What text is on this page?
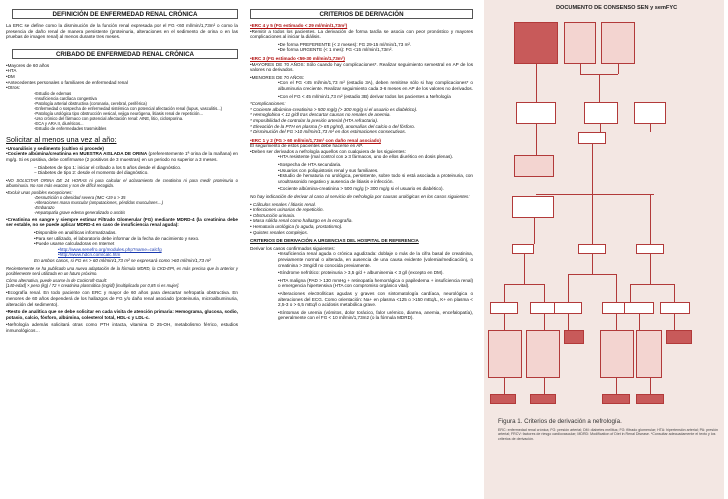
DEFINICIÓN DE ENFERMEDAD RENAL CRÓNICA
La ERC se define como la disminución de la función renal expresada por el FG <60 ml/min/1,73m² o como la presencia de daño renal de manera persistente (proteinuria, alteraciones en el sedimento de orina o en las pruebas de imagen renal) al menos durante tres meses.
CRIBADO DE ENFERMEDAD RENAL CRÓNICA
•Mayores de 60 años
•HTA
•DM
•Antecedentes personales o familiares de enfermedad renal
•Otros:
-Estudio de edemas
-Insuficiencia cardíaca congestiva
-Patología arterial obstructiva (coronaria, cerebral, periférica)
-Enfermedad o sospecha de enfermedad sistémica con potencial afectación renal (lupus, vasculitis...)
-Patología urológica tipo obstrucción vesical, vejiga neurógena, litiasis renal de repetición...
-Uso crónico del fármaco con potencial afectación renal: AINE, litio, ciclosporina.
-ECA y ARA II, diuréticos...
-Estudio de enfermedades trasmisibles
Solicitar al menos una vez al año:
•Uroanálisis y sedimento (cultivo si procede)
•Cociente albúmina/creatinina en MUESTRA AISLADA DE ORINA (preferentemente 1ª orina de la mañana) en mg/g. Si es positiva, debe confirmarse (2 positivos de 3 muestras) en un periodo no superior a 3 meses.
− Diabetes de tipo 1: iniciar el cribado a los 5 años desde el diagnóstico.
− Diabetes de tipo 2: desde el momento del diagnóstico.
•NO SOLICITAR ORINA DE 24 HORAS ni para calcular el aclaramiento de creatinina ni para medir proteinuria o albuminuria. No son más exactas y son de difícil recogida.
•Excluir unas posibles excepciones:
-Desnutrición o obesidad severa (IMC <19 o > 35
-Alteraciones masa muscular (amputaciones, pérdidas musculares…)
-Embarazo
-Hepatopatía grave edema generalizado o ascitis
•Creatinina en sangre y siempre estimar Filtrado Glomerular (FG) mediante MDRD-4 (la creatinina debe ser estable, no se puede aplicar MDRD-4 en caso de insuficiencia renal aguda):
•Disponible en analíticas informatizadas.
•Para ser utilizado, el laboratorio debe informar de la fecha de nacimiento y sexo.
•Puede usarse calculadoras en Internet
•http://www.senefro.org/modules.php?name=calcfg
•http://www.hdcn.com/calc.htm
En ambos casos, si FG es > 60 ml/min/1,73 m² se expresará como >60 ml/min/1,73 m²
Recientemente se ha publicado una nueva adaptación de la fórmula MDRD, la CKD-EPI, es más precisa que la anterior y posiblemente será utilizada en un futuro próximo.
Cómo alternativa, puede usarse la de Cockcroft-Gault:
[140-edad] × peso (kg) / 72 × creatinina plasmática (mg/dl) [multiplicado por 0,85 si es mujer].
•Ecografía renal. En todo paciente con ERC y mayor de 60 años para descartar nefropatía obstructiva. En menores de 60 años dependerá de los hallazgos de FG y/o daño renal asociado (proteinuria, microalbuminuria, alteración del sedimento).
•Resto de analítica que se debe solicitar en cada visita de atención primaria: Hemograma, glucosa, sodio, potasio, calcio, fósforo, albúmina, colesterol total, HDL-c y LDL-c.
•Nefrología además solicitará otras como PTH intacta, vitamina D 25-OH, metabolismo férrico, estudios inmunológicos…
CRITERIOS DE DERIVACIÓN
•ERC 4 y 5 (FG estimado < 29 ml/min/1,73m²)
•Remitir a todos los pacientes. La derivación de forma tardía se asocia con peor pronóstico y mayores complicaciones al iniciar la diálisis.
•De forma PREFERENTE (< 2 meses): FG 29-15 ml/min/1,73 m².
•De forma URGENTE (< 1 mes): FG <15 ml/min/1,73m².
•ERC 3 (FG estimado <59-30 ml/min/1,73m²)
•MAYORES DE 70 AÑOS: Sólo cuando hay complicaciones*. Realizar seguimiento semestral en AP de los valores no derivados.
•MENORES DE 70 AÑOS:
•Con el FG <45 ml/min/1,73 m² (estadio 3A), deben remitirse sólo si hay complicaciones* o albuminuria creciente. Realizar seguimiento cada 3-6 meses en AP de los valores no derivados.
•Con el FG < 45 ml/min/1,73 m² (estadio 3B) derivar todos los pacientes a Nefrología
*Complicaciones:
* Cociente albúmina-creatinina > 500 mg/g (> 300 mg/g si el usuario es diabético).
* Hemoglobina < 11 g/dl tras descartar causas no renales de anemia.
* Imposibilidad de controlar la presión arterial (HTA refractaria).
* Elevación de la PTH en plasma (> 65 pg/ml), anomalías del calcio o del fósforo.
* Disminución del FG >10 ml/min/1,73 m² en dos estimaciones consecutivas.
•ERC 1 y 2 (FG > 60 ml/min/1,73m² con daño renal asociado)
El seguimiento de estos pacientes debe hacerse en AP.
•Deben ser derivados a nefrología aquellos con cualquiera de los siguientes:
•HTA resistente (mal control con ≥ 3 fármacos, uno de ellos diurético en dosis plenas).
•Sospecha de HTA secundaria.
•Usuarios con poliquistosis renal y sus familiares.
•Estudio de hematuria no urológica, persistente, sobre todo si está asociada a proteinuria, con uroultrasonido negativo y ausencia de litiasis e infección.
•Cociente albúmina-creatinina > 500 mg/g (> 300 mg/g si el usuario es diabético).
No hay indicación de derivar al caso al servicio de nefrología por causas urológicas en los casos siguientes:
• Cálculos renales / litiasis renal.
• Infecciones urinarias de repetición.
• Obstrucción urinaria.
• Masa sólida renal como hallazgo en la ecografía.
• Hematuria urológica (o aguda, prostatismo).
• Quistes renales complejos.
CRITERIOS DE DERIVACIÓN A URGENCIAS DEL HOSPITAL DE REFERENCIA
Derivar los casos confirmados siguientes:
•Insuficiencia renal aguda o crónica agudizada: doblaje o más de la cifra basal de creatinina, previamente normal o alterada, en ausencia de una causa evidente (volemia/medicación), o creatinina > 3mg/dl no conocida previamente.
•Síndrome nefrótico: proteinuria > 3,5 g/d + albuminemia < 3 g/l (excepto en DM).
•HTA maligna (PAD > 130 mmHg + retinopatía hemorrágica o papiledema + insuficiencia renal) o emergencia hipertensiva (HTA con compromiso orgánico vital).
•Alteraciones electrolíticas agudas y graves con sintomatología cardíaca, neurológica o alteraciones del ECG. Como orientación: Na+ en plasma <125 o >150 mEq/L, K+ en plasma < 2,5-3 o > 6,5 mEq/l o acidosis metabólica grave.
•Síntomas de uremia (vómitos, dolor torácico, falor urémico, diarrea, anemia, encefalopatía), generalmente con el FG < 10 ml/min/1,73m2 (o la fórmula MDRD).
DOCUMENTO DE CONSENSO SEN y semFYC
Figura 1. Criterios de derivación a nefrología.
ERC: enfermedad renal crónica; FG: presión arterial; DM: diabetes mellitus; FG: filtrado glomerular; HTA: hipertensión arterial; PA: presión arterial; FRCV: factores de riesgo cardiovascular; MDRD: Modification of Diet in Renal Disease. *Consultar adecuadamente el texto y los criterios de derivación.
